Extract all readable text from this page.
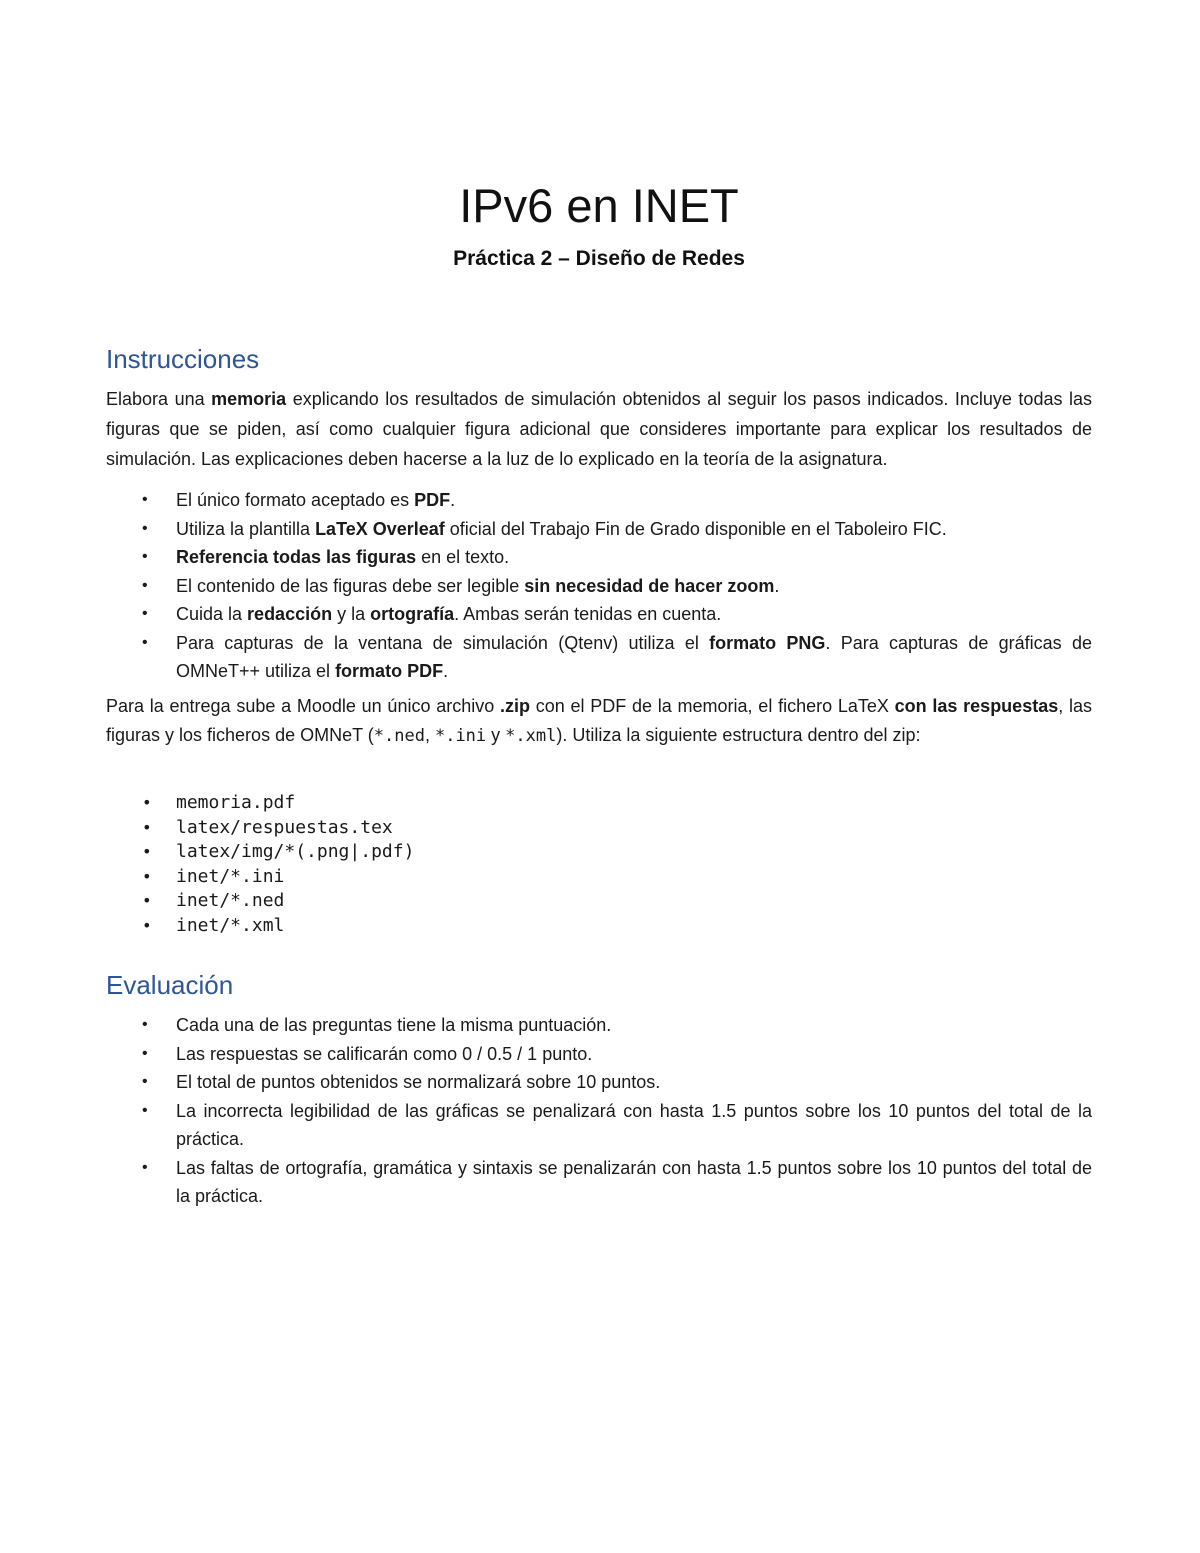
IPv6 en INET
Práctica 2 – Diseño de Redes
Instrucciones

Elabora una memoria explicando los resultados de simulación obtenidos al seguir los pasos indicados. Incluye todas las figuras que se piden, así como cualquier figura adicional que consideres importante para explicar los resultados de simulación. Las explicaciones deben hacerse a la luz de lo explicado en la teoría de la asignatura.

• El único formato aceptado es PDF.
• Utiliza la plantilla LaTeX Overleaf oficial del Trabajo Fin de Grado disponible en el Taboleiro FIC.
• Referencia todas las figuras en el texto.
• El contenido de las figuras debe ser legible sin necesidad de hacer zoom.
• Cuida la redacción y la ortografía. Ambas serán tenidas en cuenta.
• Para capturas de la ventana de simulación (Qtenv) utiliza el formato PNG. Para capturas de gráficas de OMNeT++ utiliza el formato PDF.

Para la entrega sube a Moodle un único archivo .zip con el PDF de la memoria, el fichero LaTeX con las respuestas, las figuras y los ficheros de OMNeT (*.ned, *.ini y *.xml). Utiliza la siguiente estructura dentro del zip:

• memoria.pdf
• latex/respuestas.tex
• latex/img/*(.png|.pdf)
• inet/*.ini
• inet/*.ned
• inet/*.xml
Evaluación
• Cada una de las preguntas tiene la misma puntuación.
• Las respuestas se calificarán como 0 / 0.5 / 1 punto.
• El total de puntos obtenidos se normalizará sobre 10 puntos.
• La incorrecta legibilidad de las gráficas se penalizará con hasta 1.5 puntos sobre los 10 puntos del total de la práctica.
• Las faltas de ortografía, gramática y sintaxis se penalizarán con hasta 1.5 puntos sobre los 10 puntos del total de la práctica.
